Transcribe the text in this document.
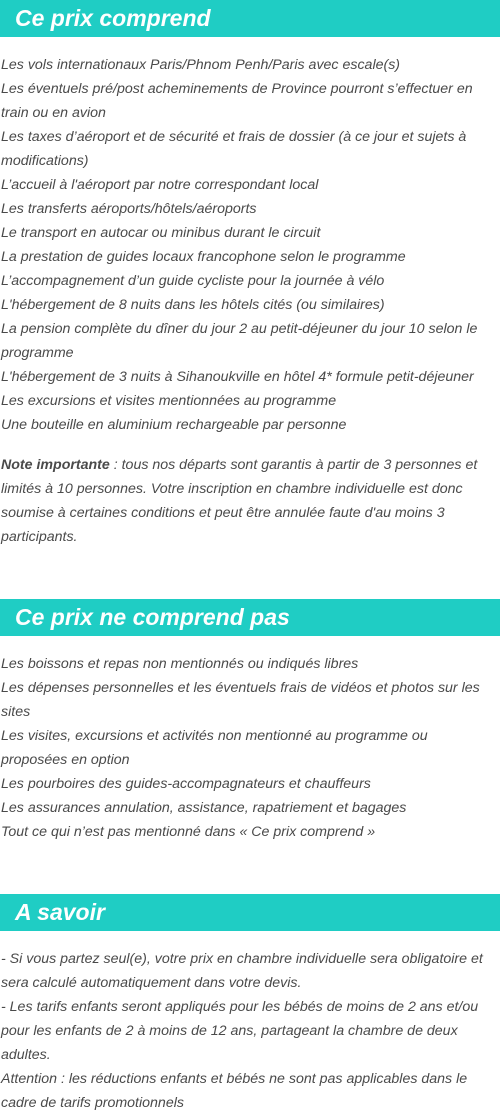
Ce prix comprend
Les vols internationaux Paris/Phnom Penh/Paris avec escale(s)
Les éventuels pré/post acheminements de Province pourront s’effectuer en train ou en avion
Les taxes d’aéroport et de sécurité et frais de dossier (à ce jour et sujets à modifications)
L’accueil à l'aéroport par notre correspondant local
Les transferts aéroports/hôtels/aéroports
Le transport en autocar ou minibus durant le circuit
La prestation de guides locaux francophone selon le programme
L’accompagnement d’un guide cycliste pour la journée à vélo
L'hébergement de 8 nuits dans les hôtels cités (ou similaires)
La pension complète du dîner du jour 2 au petit-déjeuner du jour 10 selon le programme
L'hébergement de 3 nuits à Sihanoukville en hôtel 4* formule petit-déjeuner
Les excursions et visites mentionnées au programme
Une bouteille en aluminium rechargeable par personne

Note importante : tous nos départs sont garantis à partir de 3 personnes et limités à 10 personnes. Votre inscription en chambre individuelle est donc soumise à certaines conditions et peut être annulée faute d'au moins 3 participants.

Ce prix ne comprend pas
Les boissons et repas non mentionnés ou indiqués libres
Les dépenses personnelles et les éventuels frais de vidéos et photos sur les sites
Les visites, excursions et activités non mentionné au programme ou proposées en option
Les pourboires des guides-accompagnateurs et chauffeurs
Les assurances annulation, assistance, rapatriement et bagages
Tout ce qui n’est pas mentionné dans « Ce prix comprend »
A savoir

- Si vous partez seul(e), votre prix en chambre individuelle sera obligatoire et sera calculé automatiquement dans votre devis.

- Les tarifs enfants seront appliqués pour les bébés de moins de 2 ans et/ou pour les enfants de 2 à moins de 12 ans, partageant la chambre de deux adultes.

Attention : les réductions enfants et bébés ne sont pas applicables dans le cadre de tarifs promotionnels
